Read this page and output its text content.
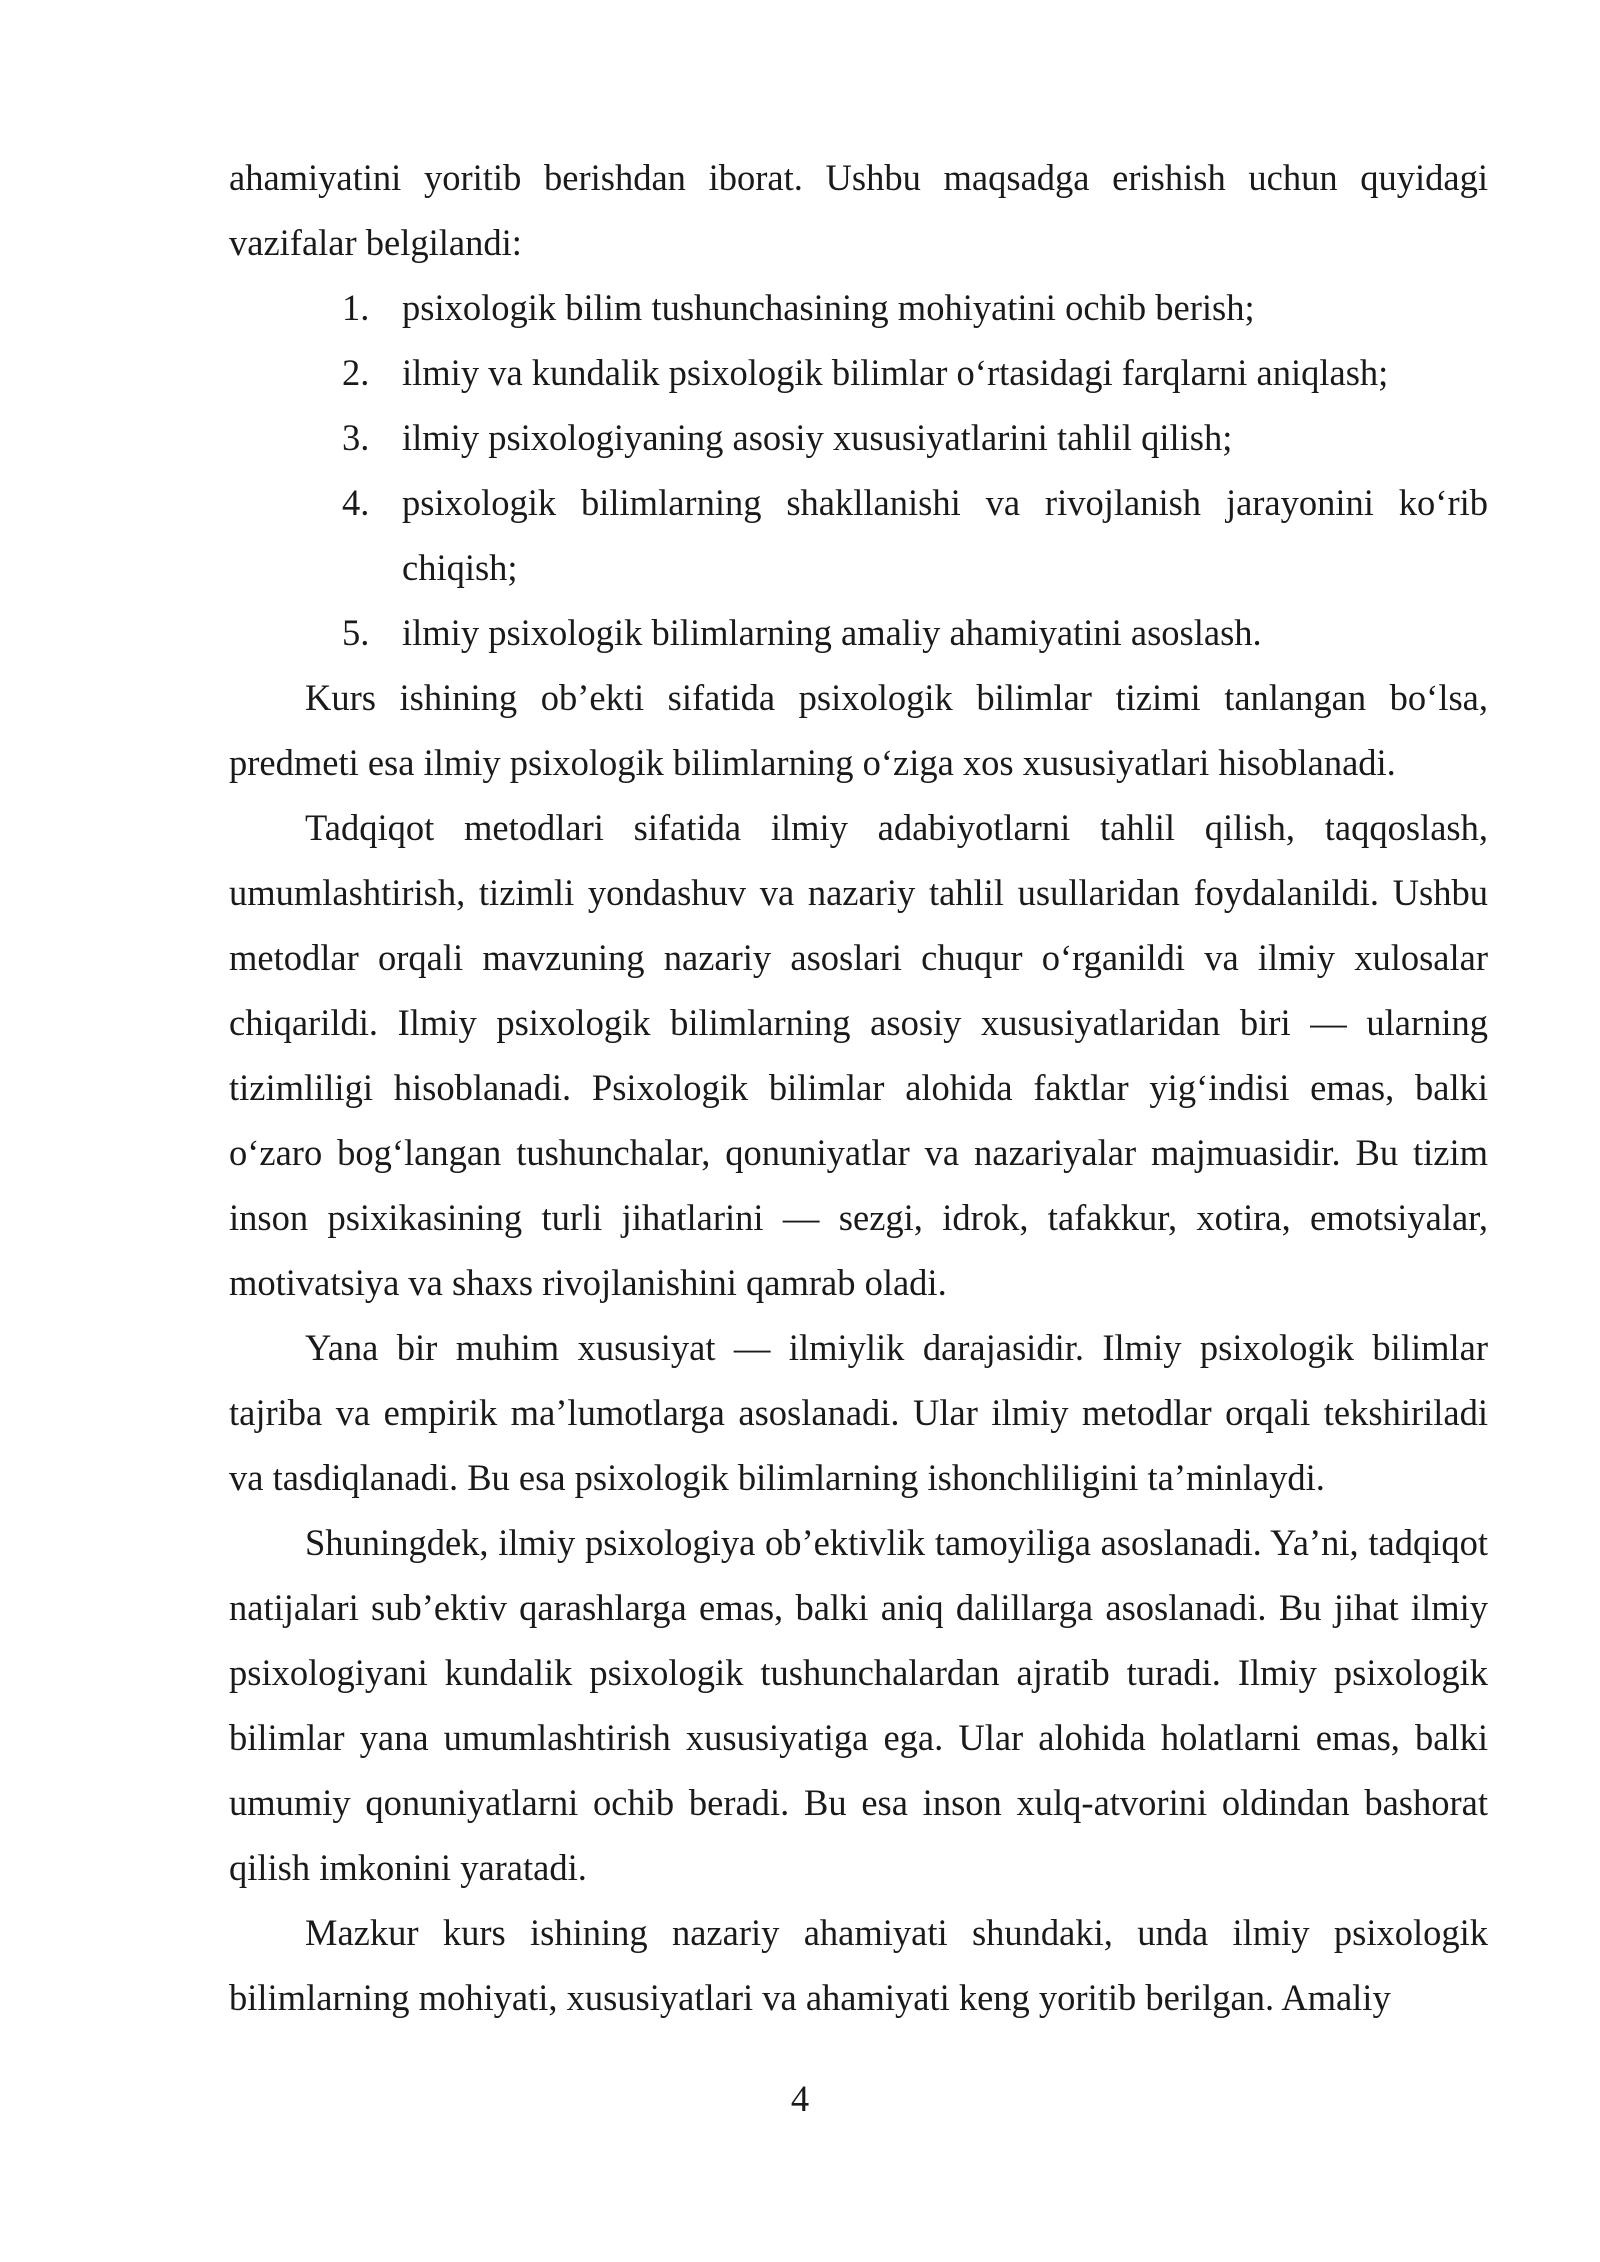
ahamiyatini yoritib berishdan iborat. Ushbu maqsadga erishish uchun quyidagi vazifalar belgilandi:

1. psixologik bilim tushunchasining mohiyatini ochib berish;
2. ilmiy va kundalik psixologik bilimlar o‘rtasidagi farqlarni aniqlash;
3. ilmiy psixologiyaning asosiy xususiyatlarini tahlil qilish;
4. psixologik bilimlarning shakllanishi va rivojlanish jarayonini ko‘rib chiqish;
5. ilmiy psixologik bilimlarning amaliy ahamiyatini asoslash.

Kurs ishining ob’ekti sifatida psixologik bilimlar tizimi tanlangan bo‘lsa, predmeti esa ilmiy psixologik bilimlarning o‘ziga xos xususiyatlari hisoblanadi.

Tadqiqot metodlari sifatida ilmiy adabiyotlarni tahlil qilish, taqqoslash, umumlashtirish, tizimli yondashuv va nazariy tahlil usullaridan foydalanildi. Ushbu metodlar orqali mavzuning nazariy asoslari chuqur o‘rganildi va ilmiy xulosalar chiqarildi. Ilmiy psixologik bilimlarning asosiy xususiyatlaridan biri — ularning tizimliligi hisoblanadi. Psixologik bilimlar alohida faktlar yig‘indisi emas, balki o‘zaro bog‘langan tushunchalar, qonuniyatlar va nazariyalar majmuasidir. Bu tizim inson psixikasining turli jihatlarini — sezgi, idrok, tafakkur, xotira, emotsiyalar, motivatsiya va shaxs rivojlanishini qamrab oladi.

Yana bir muhim xususiyat — ilmiylik darajasidir. Ilmiy psixologik bilimlar tajriba va empirik ma’lumotlarga asoslanadi. Ular ilmiy metodlar orqali tekshiriladi va tasdiqlanadi. Bu esa psixologik bilimlarning ishonchliligini ta’minlaydi.

Shuningdek, ilmiy psixologiya ob’ektivlik tamoyiliga asoslanadi. Ya’ni, tadqiqot natijalari sub’ektiv qarashlarga emas, balki aniq dalillarga asoslanadi. Bu jihat ilmiy psixologiyani kundalik psixologik tushunchalardan ajratib turadi. Ilmiy psixologik bilimlar yana umumlashtirish xususiyatiga ega. Ular alohida holatlarni emas, balki umumiy qonuniyatlarni ochib beradi. Bu esa inson xulq-atvorini oldindan bashorat qilish imkonini yaratadi.

Mazkur kurs ishining nazariy ahamiyati shundaki, unda ilmiy psixologik bilimlarning mohiyati, xususiyatlari va ahamiyati keng yoritib berilgan. Amaliy

4
